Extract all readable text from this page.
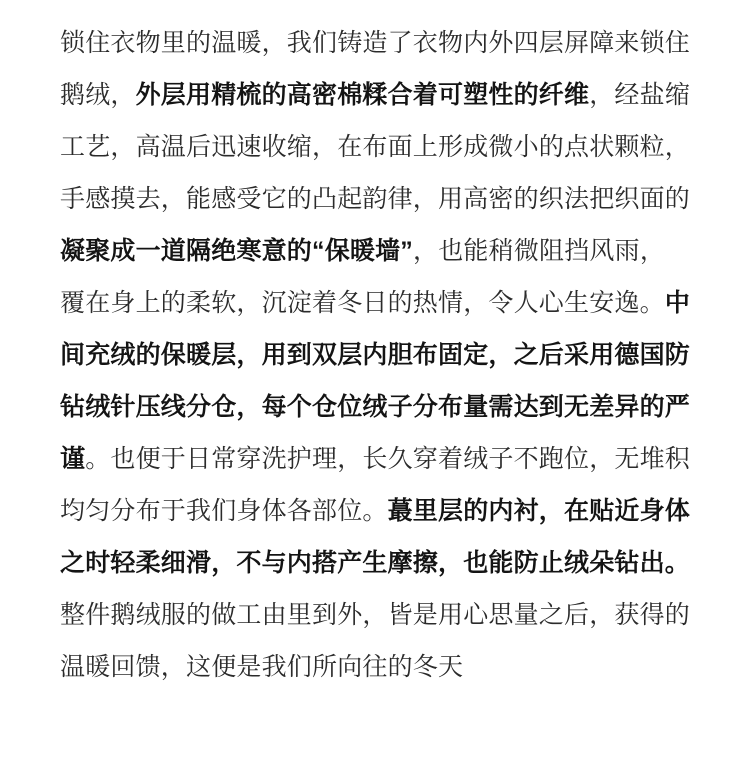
锁住衣物里的温暖，我们铸造了衣物内外四层屏障来锁住
鹅绒，外层用精梳的高密棉糅合着可塑性的纤维，经盐缩
工艺，高温后迅速收缩，在布面上形成微小的点状颗粒，
手感摸去，能感受它的凸起韵律，用高密的织法把织面的
凝聚成一道隔绝寒意的“保暖墙”，也能稍微阻挡风雨，
覆在身上的柔软，沉淀着冬日的热情，令人心生安逸。中
间充绒的保暖层，用到双层内胆布固定，之后采用德国防
钻绒针压线分仓，每个仓位绒子分布量需达到无差异的严
谨。也便于日常穿洗护理，长久穿着绒子不跑位，无堆积
均匀分布于我们身体各部位。蕞里层的内衬，在贴近身体
之时轻柔细滑，不与内搭产生摩擦，也能防止绒朵钻出。
整件鹅绒服的做工由里到外，皆是用心思量之后，获得的
温暖回馈，这便是我们所向往的冬天
